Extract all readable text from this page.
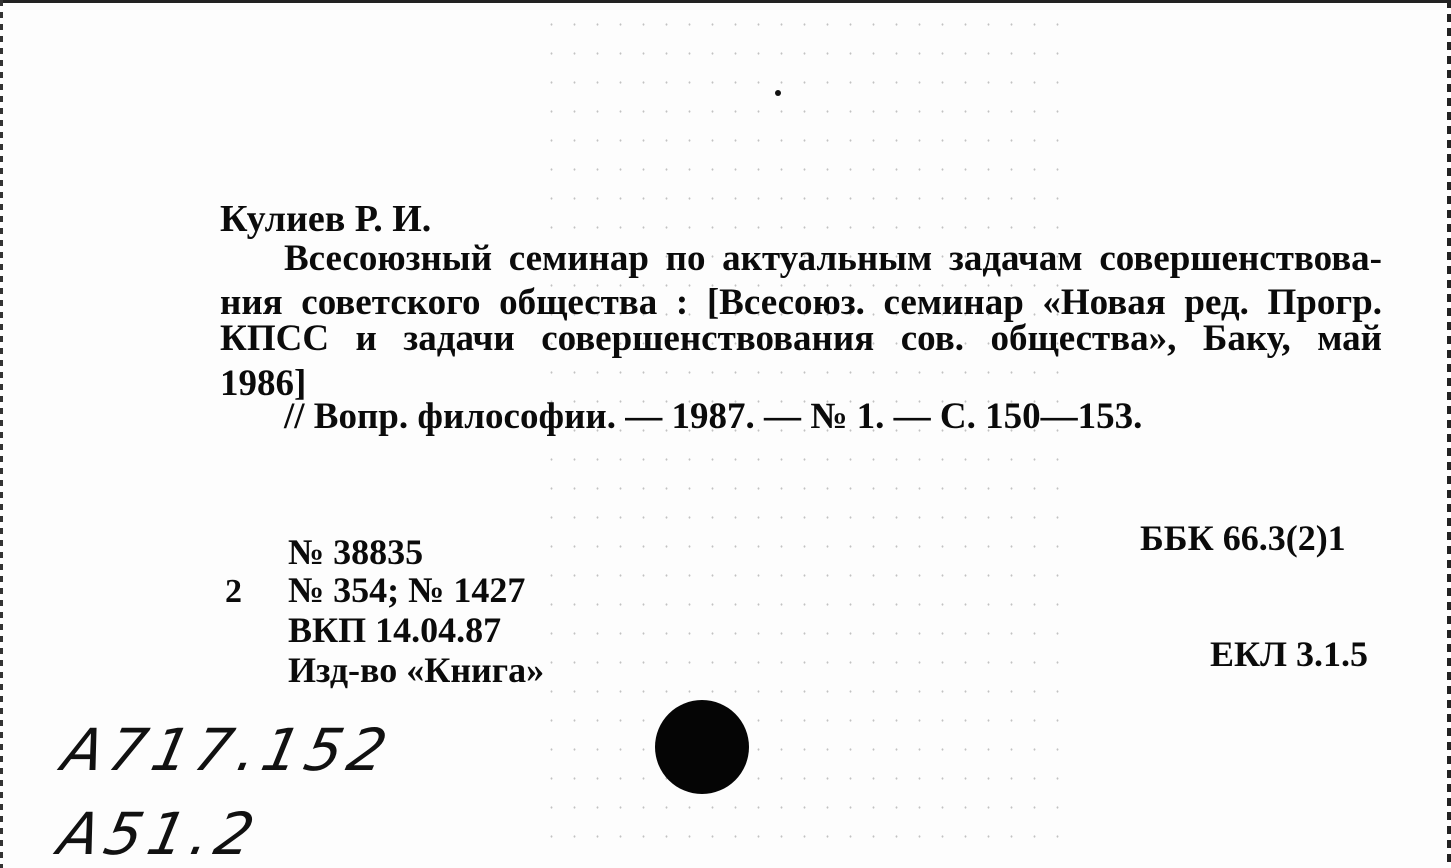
Кулиев Р. И.
Всесоюзный семинар по актуальным задачам совершенствова-
ния советского общества : [Всесоюз. семинар «Новая ред. Прогр.
КПСС и задачи совершенствования сов. общества», Баку, май
1986]
// Вопр. философии. — 1987. — № 1. — С. 150—153.
2
№ 38835
№ 354; № 1427
ВКП 14.04.87
Изд-во «Книга»
ББК 66.3(2)1
ЕКЛ 3.1.5
A717.152
A51.2
